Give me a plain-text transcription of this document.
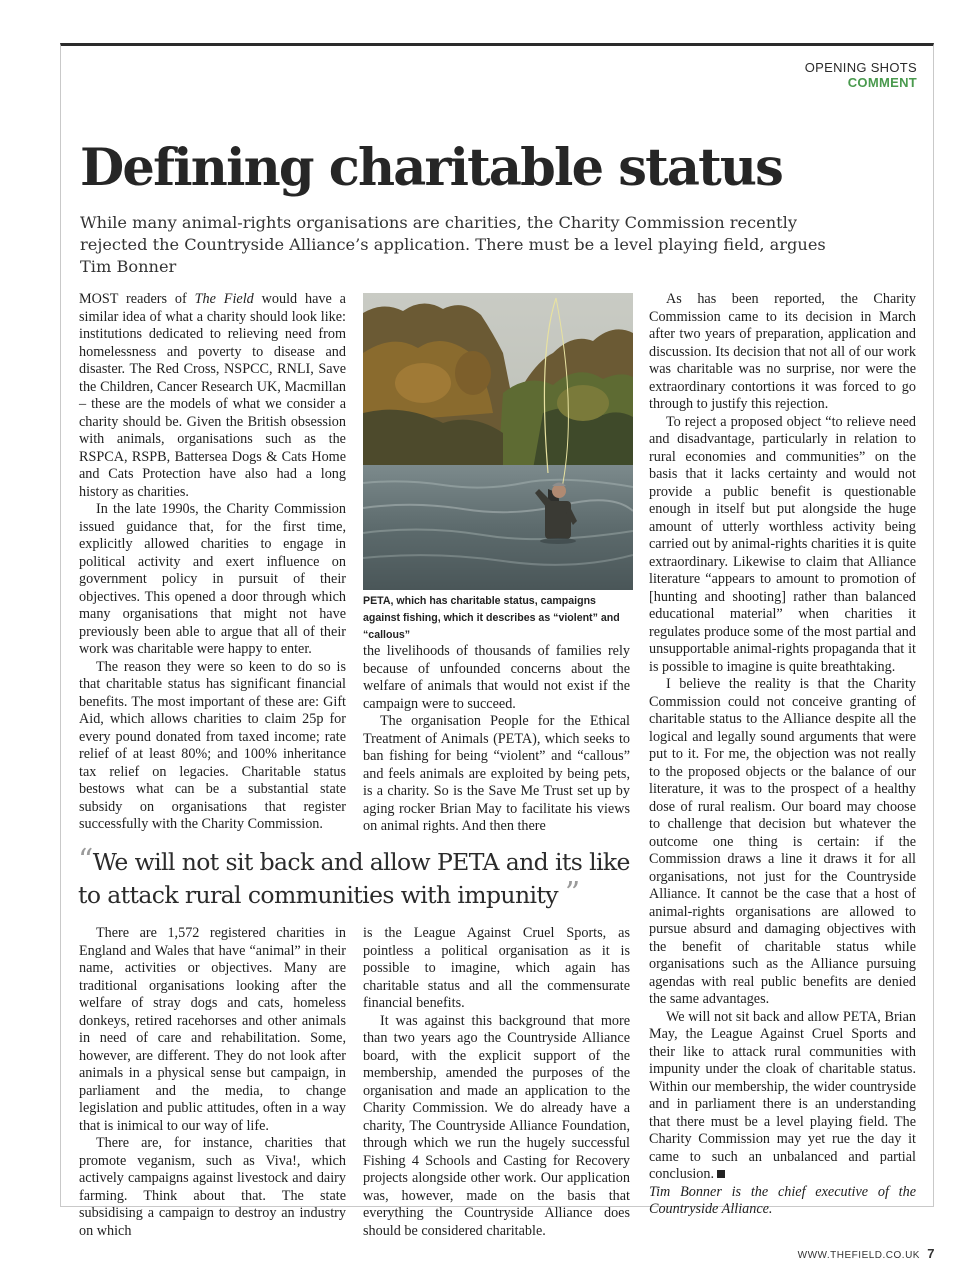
OPENING SHOTS
COMMENT
Defining charitable status

While many animal-rights organisations are charities, the Charity Commission recently rejected the Countryside Alliance’s application. There must be a level playing field, argues Tim Bonner

MOST readers of The Field would have a similar idea of what a charity should look like: institutions dedicated to relieving need from homelessness and poverty to disease and disaster. The Red Cross, NSPCC, RNLI, Save the Children, Cancer Research UK, Macmillan – these are the models of what we consider a charity should be. Given the British obsession with animals, organisations such as the RSPCA, RSPB, Battersea Dogs & Cats Home and Cats Protection have also had a long history as charities.

In the late 1990s, the Charity Commission issued guidance that, for the first time, explicitly allowed charities to engage in political activity and exert influence on government policy in pursuit of their objectives. This opened a door through which many organisations that might not have previously been able to argue that all of their work was charitable were happy to enter.

The reason they were so keen to do so is that charitable status has significant financial benefits. The most important of these are: Gift Aid, which allows charities to claim 25p for every pound donated from taxed income; rate relief of at least 80%; and 100% inheritance tax relief on legacies. Charitable status bestows what can be a substantial state subsidy on organisations that register successfully with the Charity Commission.

PETA, which has charitable status, campaigns against fishing, which it describes as “violent” and “callous”

the livelihoods of thousands of families rely because of unfounded concerns about the welfare of animals that would not exist if the campaign were to succeed.

The organisation People for the Ethical Treatment of Animals (PETA), which seeks to ban fishing for being “violent” and “callous” and feels animals are exploited by being pets, is a charity. So is the Save Me Trust set up by aging rocker Brian May to facilitate his views on animal rights. And then there

“We will not sit back and allow PETA and its like to attack rural communities with impunity ”

There are 1,572 registered charities in England and Wales that have “animal” in their name, activities or objectives. Many are traditional organisations looking after the welfare of stray dogs and cats, homeless donkeys, retired racehorses and other animals in need of care and rehabilitation. Some, however, are different. They do not look after animals in a physical sense but campaign, in parliament and the media, to change legislation and public attitudes, often in a way that is inimical to our way of life.

There are, for instance, charities that promote veganism, such as Viva!, which actively campaigns against livestock and dairy farming. Think about that. The state subsidising a campaign to destroy an industry on which

is the League Against Cruel Sports, as pointless a political organisation as it is possible to imagine, which again has charitable status and all the commensurate financial benefits.

It was against this background that more than two years ago the Countryside Alliance board, with the explicit support of the membership, amended the purposes of the organisation and made an application to the Charity Commission. We do already have a charity, The Countryside Alliance Foundation, through which we run the hugely successful Fishing 4 Schools and Casting for Recovery projects alongside other work. Our application was, however, made on the basis that everything the Countryside Alliance does should be considered charitable.

As has been reported, the Charity Commission came to its decision in March after two years of preparation, application and discussion. Its decision that not all of our work was charitable was no surprise, nor were the extraordinary contortions it was forced to go through to justify this rejection.

To reject a proposed object “to relieve need and disadvantage, particularly in relation to rural economies and communities” on the basis that it lacks certainty and would not provide a public benefit is questionable enough in itself but put alongside the huge amount of utterly worthless activity being carried out by animal-rights charities it is quite extraordinary. Likewise to claim that Alliance literature “appears to amount to promotion of [hunting and shooting] rather than balanced educational material” when charities it regulates produce some of the most partial and unsupportable animal-rights propaganda that it is possible to imagine is quite breathtaking.

I believe the reality is that the Charity Commission could not conceive granting of charitable status to the Alliance despite all the logical and legally sound arguments that were put to it. For me, the objection was not really to the proposed objects or the balance of our literature, it was to the prospect of a healthy dose of rural realism. Our board may choose to challenge that decision but whatever the outcome one thing is certain: if the Commission draws a line it draws it for all organisations, not just for the Countryside Alliance. It cannot be the case that a host of animal-rights organisations are allowed to pursue absurd and damaging objectives with the benefit of charitable status while organisations such as the Alliance pursuing agendas with real public benefits are denied the same advantages.

We will not sit back and allow PETA, Brian May, the League Against Cruel Sports and their like to attack rural communities with impunity under the cloak of charitable status. Within our membership, the wider countryside and in parliament there is an understanding that there must be a level playing field. The Charity Commission may yet rue the day it came to such an unbalanced and partial conclusion.

Tim Bonner is the chief executive of the Countryside Alliance.

WWW.THEFIELD.CO.UK 7
